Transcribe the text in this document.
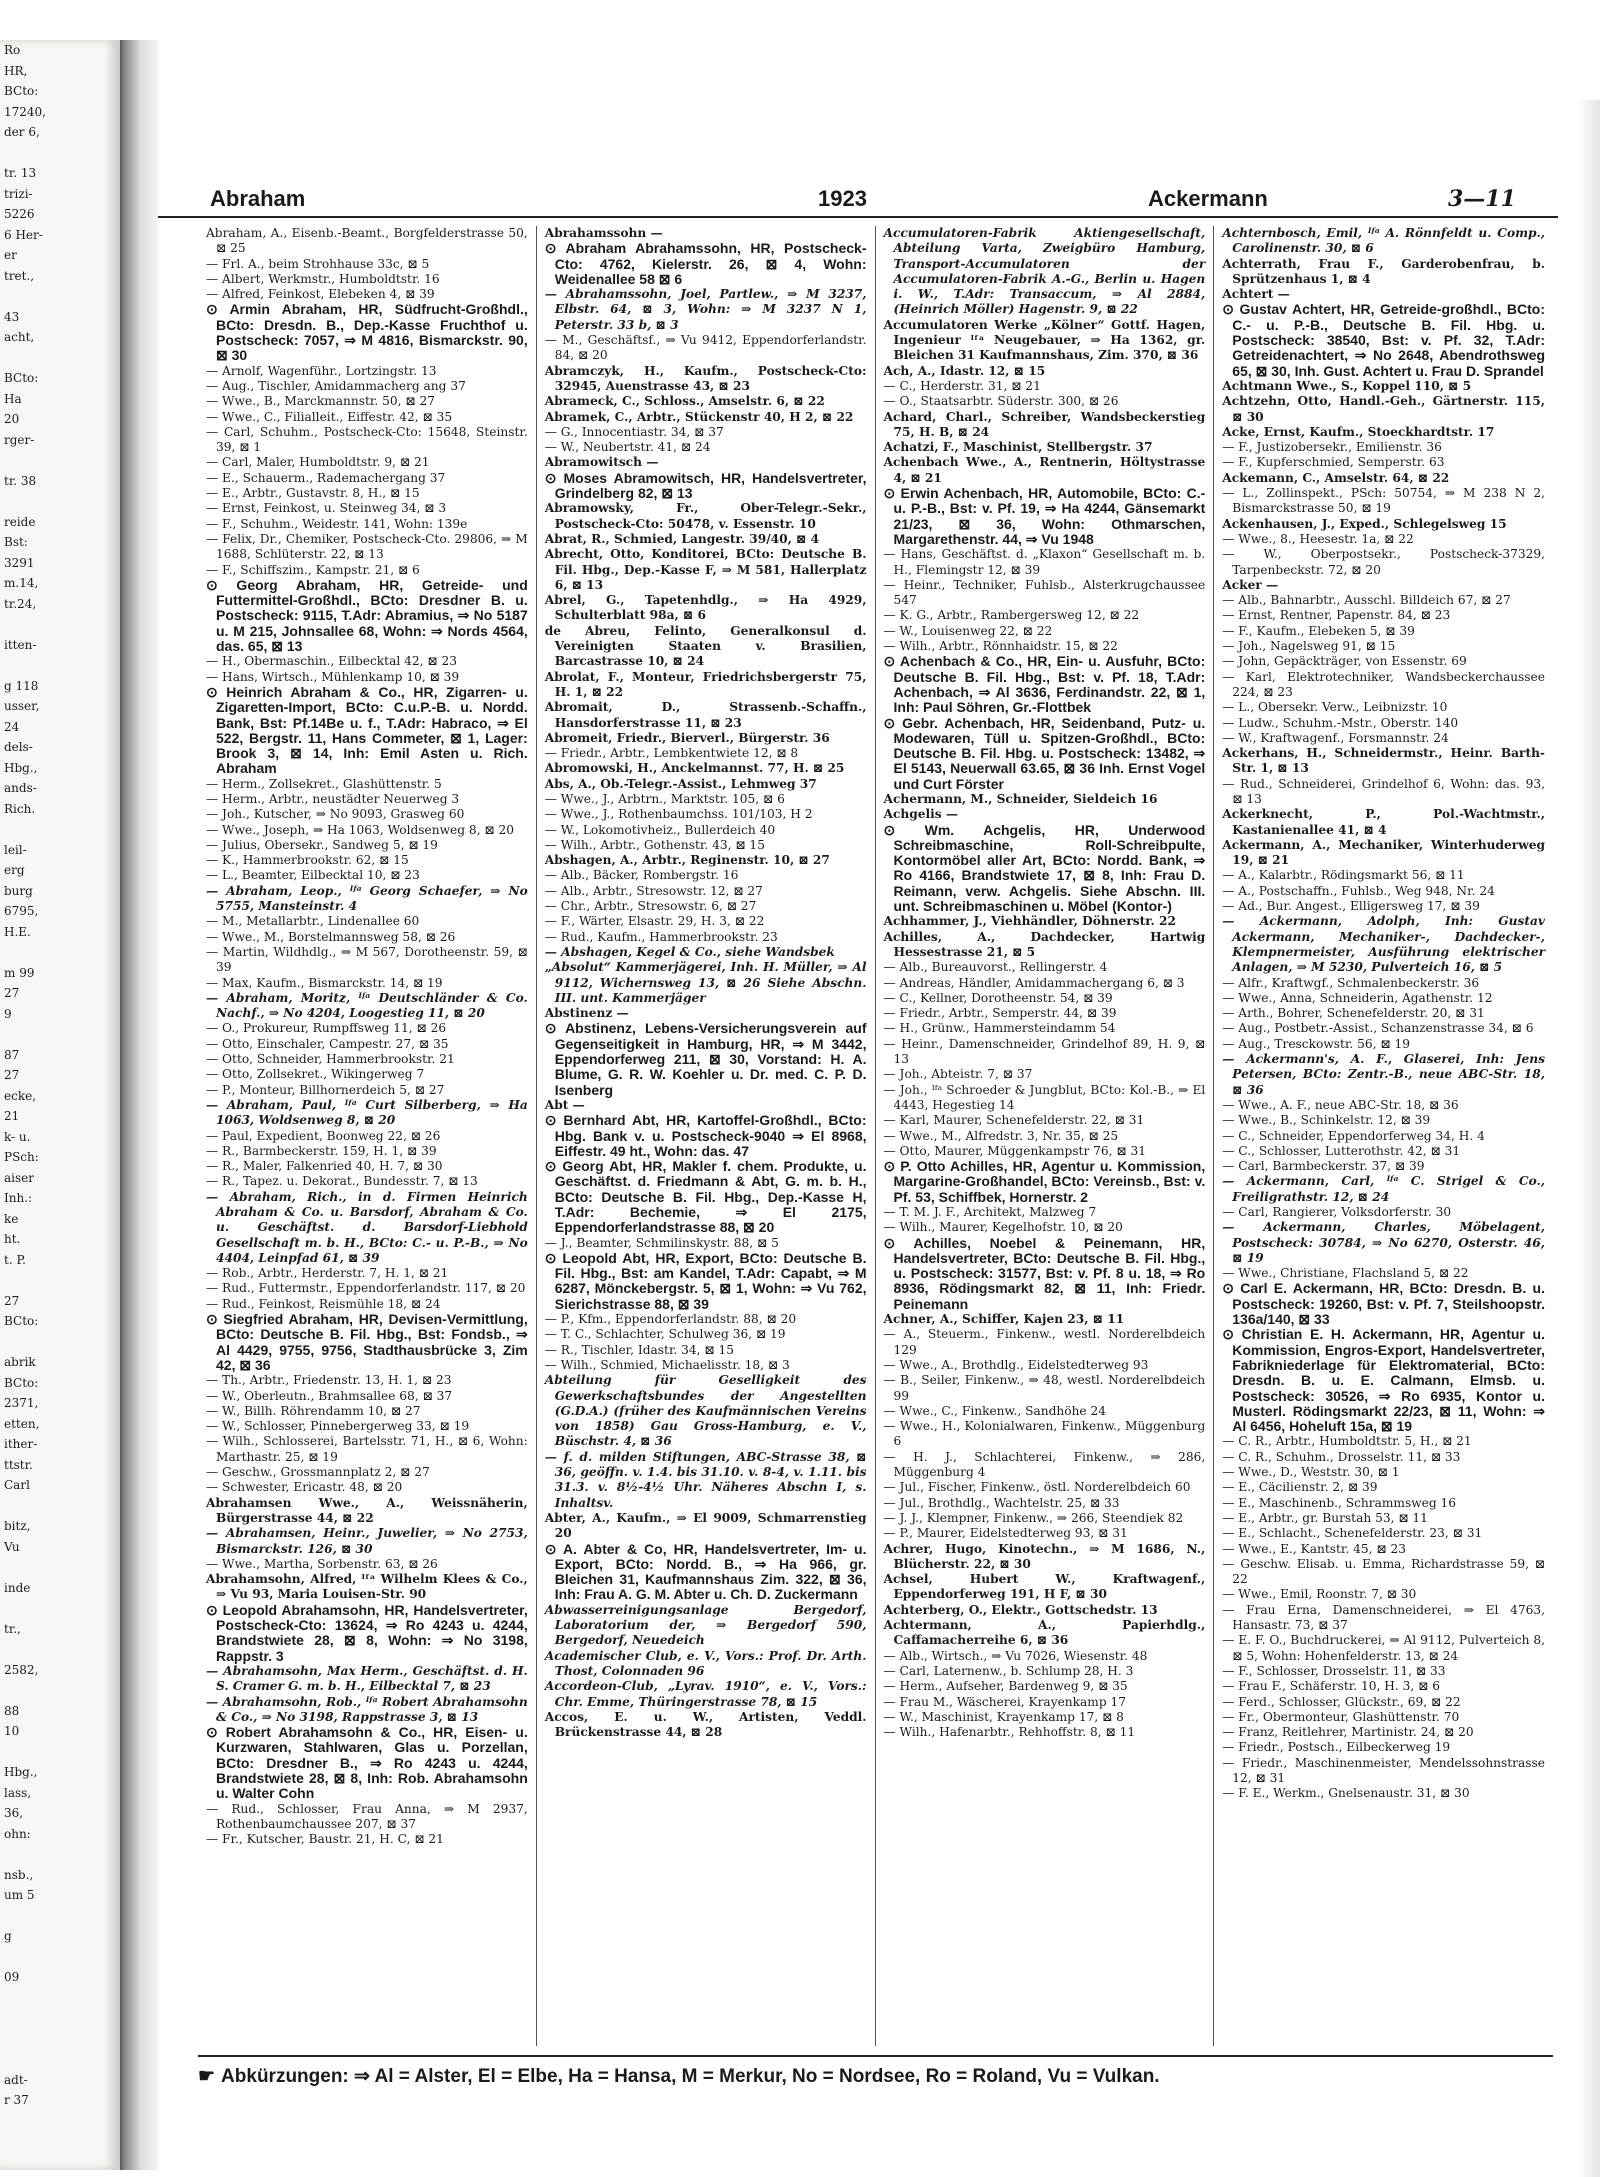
Ro
HR,
BCto:
17240,
der 6,

tr. 13
trizi-
5226
6 Her-
er
tret.,

43
acht,

BCto:
Ha
20
rger-

tr. 38

reide
Bst:
3291
m.14,
tr.24,

itten-

g 118
usser,
24
dels-
Hbg.,
ands-
Rich.

leil-
erg
burg
6795,
H.E.

m 99
27
9

87
27
ecke,
21
k- u.
PSch:
aiser
Inh.:
ke
ht.
t. P.

27
BCto:

abrik
BCto:
2371,
etten,
ither-
ttstr.
Carl

bitz,
Vu

inde

tr.,

2582,

88
10

Hbg.,
lass,
36,
ohn:

nsb.,
um 5

g

09

adt-
r 37
Abraham	1923	Ackermann	3—11
Abraham, A., Eisenb.-Beamt., Borgfelderstrasse 50, ⊠ 25
— Frl. A., beim Strohhause 33c, ⊠ 5
— Albert, Werkmstr., Humboldtstr. 16
— Alfred, Feinkost, Elebeken 4, ⊠ 39
⊙ Armin Abraham, HR, Südfrucht-Großhdl., BCto: Dresdn. B., Dep.-Kasse Fruchthof u. Postscheck: 7057, ⇒ M 4816, Bismarckstr. 90, ⊠ 30
— Arnolf, Wagenführ., Lortzingstr. 13
— Aug., Tischler, Amidammacherg ang 37
— Wwe., B., Marckmannstr. 50, ⊠ 27
— Wwe., C., Filialleit., Eiffestr. 42, ⊠ 35
— Carl, Schuhm., Postscheck-Cto: 15648, Steinstr. 39, ⊠ 1
— Carl, Maler, Humboldtstr. 9, ⊠ 21
— E., Schauerm., Rademachergang 37
— E., Arbtr., Gustavstr. 8, H., ⊠ 15
— Ernst, Feinkost, u. Steinweg 34, ⊠ 3
— F., Schuhm., Weidestr. 141, Wohn: 139e
— Felix, Dr., Chemiker, Postscheck-Cto. 29806, ⇒ M 1688, Schlüterstr. 22, ⊠ 13
— F., Schiffszim., Kampstr. 21, ⊠ 6
⊙ Georg Abraham, HR, Getreide- und Futtermittel-Großhdl., BCto: Dresdner B. u. Postscheck: 9115, T.Adr: Abramius, ⇒ No 5187 u. M 215, Johnsallee 68, Wohn: ⇒ Nords 4564, das. 65, ⊠ 13
— H., Obermaschin., Eilbecktal 42, ⊠ 23
— Hans, Wirtsch., Mühlenkamp 10, ⊠ 39
⊙ Heinrich Abraham & Co., HR, Zigarren- u. Zigaretten-Import, BCto: C.u.P.-B. u. Nordd. Bank, Bst: Pf.14Be u. f., T.Adr: Habraco, ⇒ El 522, Bergstr. 11, Hans Commeter, ⊠ 1, Lager: Brook 3, ⊠ 14, Inh: Emil Asten u. Rich. Abraham
— Herm., Zollsekret., Glashüttenstr. 5
— Herm., Arbtr., neustädter Neuerweg 3
— Joh., Kutscher, ⇒ No 9093, Grasweg 60
— Wwe., Joseph, ⇒ Ha 1063, Woldsenweg 8, ⊠ 20
— Julius, Obersekr., Sandweg 5, ⊠ 19
— K., Hammerbrookstr. 62, ⊠ 15
— L., Beamter, Eilbecktal 10, ⊠ 23
— Abraham, Leop., ᴵᶠᵃ Georg Schaefer, ⇒ No 5755, Mansteinstr. 4
— M., Metallarbtr., Lindenallee 60
— Wwe., M., Borstelmannsweg 58, ⊠ 26
— Martin, Wildhdlg., ⇒ M 567, Dorotheenstr. 59, ⊠ 39
— Max, Kaufm., Bismarckstr. 14, ⊠ 19
— Abraham, Moritz, ᴵᶠᵃ Deutschländer & Co. Nachf., ⇒ No 4204, Loogestieg 11, ⊠ 20
— O., Prokureur, Rumpffsweg 11, ⊠ 26
— Otto, Einschaler, Campestr. 27, ⊠ 35
— Otto, Schneider, Hammerbrookstr. 21
— Otto, Zollsekret., Wikingerweg 7
— P., Monteur, Billhornerdeich 5, ⊠ 27
— Abraham, Paul, ᴵᶠᵃ Curt Silberberg, ⇒ Ha 1063, Woldsenweg 8, ⊠ 20
— Paul, Expedient, Boonweg 22, ⊠ 26
— R., Barmbeckerstr. 159, H. 1, ⊠ 39
— R., Maler, Falkenried 40, H. 7, ⊠ 30
— R., Tapez. u. Dekorat., Bundesstr. 7, ⊠ 13
— Abraham, Rich., in d. Firmen Heinrich Abraham & Co. u. Barsdorf, Abraham & Co. u. Geschäftst. d. Barsdorf-Liebhold Gesellschaft m. b. H., BCto: C.- u. P.-B., ⇒ No 4404, Leinpfad 61, ⊠ 39
— Rob., Arbtr., Herderstr. 7, H. 1, ⊠ 21
— Rud., Futtermstr., Eppendorferlandstr. 117, ⊠ 20
— Rud., Feinkost, Reismühle 18, ⊠ 24
⊙ Siegfried Abraham, HR, Devisen-Vermittlung, BCto: Deutsche B. Fil. Hbg., Bst: Fondsb., ⇒ Al 4429, 9755, 9756, Stadthausbrücke 3, Zim 42, ⊠ 36
— Th., Arbtr., Friedenstr. 13, H. 1, ⊠ 23
— W., Oberleutn., Brahmsallee 68, ⊠ 37
— W., Billh. Röhrendamm 10, ⊠ 27
— W., Schlosser, Pinnebergerweg 33, ⊠ 19
— Wilh., Schlosserei, Bartelsstr. 71, H., ⊠ 6, Wohn: Marthastr. 25, ⊠ 19
— Geschw., Grossmannplatz 2, ⊠ 27
— Schwester, Ericastr. 48, ⊠ 20
Abrahamsen Wwe., A., Weissnäherin, Bürgerstrasse 44, ⊠ 22
— Abrahamsen, Heinr., Juwelier, ⇒ No 2753, Bismarckstr. 126, ⊠ 30
— Wwe., Martha, Sorbenstr. 63, ⊠ 26
Abrahamsohn, Alfred, ᴵᶠᵃ Wilhelm Klees & Co., ⇒ Vu 93, Maria Louisen-Str. 90
⊙ Leopold Abrahamsohn, HR, Handelsvertreter, Postscheck-Cto: 13624, ⇒ Ro 4243 u. 4244, Brandstwiete 28, ⊠ 8, Wohn: ⇒ No 3198, Rappstr. 3
— Abrahamsohn, Max Herm., Geschäftst. d. H. S. Cramer G. m. b. H., Eilbecktal 7, ⊠ 23
— Abrahamsohn, Rob., ᴵᶠᵃ Robert Abrahamsohn & Co., ⇒ No 3198, Rappstrasse 3, ⊠ 13
⊙ Robert Abrahamsohn & Co., HR, Eisen- u. Kurzwaren, Stahlwaren, Glas u. Porzellan, BCto: Dresdner B., ⇒ Ro 4243 u. 4244, Brandstwiete 28, ⊠ 8, Inh: Rob. Abrahamsohn u. Walter Cohn
— Rud., Schlosser, Frau Anna, ⇒ M 2937, Rothenbaumchaussee 207, ⊠ 37
— Fr., Kutscher, Baustr. 21, H. C, ⊠ 21
Abrahamssohn —
⊙ Abraham Abrahamssohn, HR, Postscheck-Cto: 4762, Kielerstr. 26, ⊠ 4, Wohn: Weidenallee 58 ⊠ 6
— Abrahamssohn, Joel, Partlew., ⇒ M 3237, Elbstr. 64, ⊠ 3, Wohn: ⇒ M 3237 N 1, Peterstr. 33 b, ⊠ 3
— M., Geschäftsf., ⇒ Vu 9412, Eppendorferlandstr. 84, ⊠ 20
Abramczyk, H., Kaufm., Postscheck-Cto: 32945, Auenstrasse 43, ⊠ 23
Abrameck, C., Schloss., Amselstr. 6, ⊠ 22
Abramek, C., Arbtr., Stückenstr 40, H 2, ⊠ 22
— G., Innocentiastr. 34, ⊠ 37
— W., Neubertstr. 41, ⊠ 24
Abramowitsch —
⊙ Moses Abramowitsch, HR, Handelsvertreter, Grindelberg 82, ⊠ 13
Abramowsky, Fr., Ober-Telegr.-Sekr., Postscheck-Cto: 50478, v. Essenstr. 10
Abrat, R., Schmied, Langestr. 39/40, ⊠ 4
Abrecht, Otto, Konditorei, BCto: Deutsche B. Fil. Hbg., Dep.-Kasse F, ⇒ M 581, Hallerplatz 6, ⊠ 13
Abrel, G., Tapetenhdlg., ⇒ Ha 4929, Schulterblatt 98a, ⊠ 6
de Abreu, Felinto, Generalkonsul d. Vereinigten Staaten v. Brasilien, Barcastrasse 10, ⊠ 24
Abrolat, F., Monteur, Friedrichsbergerstr 75, H. 1, ⊠ 22
Abromait, D., Strassenb.-Schaffn., Hansdorferstrasse 11, ⊠ 23
Abromeit, Friedr., Bierverl., Bürgerstr. 36
— Friedr., Arbtr., Lembkentwiete 12, ⊠ 8
Abromowski, H., Anckelmannst. 77, H. ⊠ 25
Abs, A., Ob.-Telegr.-Assist., Lehmweg 37
— Wwe., J., Arbtrn., Marktstr. 105, ⊠ 6
— Wwe., J., Rothenbaumchss. 101/103, H 2
— W., Lokomotivheiz., Bullerdeich 40
— Wilh., Arbtr., Gothenstr. 43, ⊠ 15
Abshagen, A., Arbtr., Reginenstr. 10, ⊠ 27
— Alb., Bäcker, Rombergstr. 16
— Alb., Arbtr., Stresowstr. 12, ⊠ 27
— Chr., Arbtr., Stresowstr. 6, ⊠ 27
— F., Wärter, Elsastr. 29, H. 3, ⊠ 22
— Rud., Kaufm., Hammerbrookstr. 23
— Abshagen, Kegel & Co., siehe Wandsbek
„Absolut“ Kammerjägerei, Inh. H. Müller, ⇒ Al 9112, Wichernsweg 13, ⊠ 26 Siehe Abschn. III. unt. Kammerjäger
Abstinenz —
⊙ Abstinenz, Lebens-Versicherungsverein auf Gegenseitigkeit in Hamburg, HR, ⇒ M 3442, Eppendorferweg 211, ⊠ 30, Vorstand: H. A. Blume, G. R. W. Koehler u. Dr. med. C. P. D. Isenberg
Abt —
⊙ Bernhard Abt, HR, Kartoffel-Großhdl., BCto: Hbg. Bank v. u. Postscheck-9040 ⇒ El 8968, Eiffestr. 49 ht., Wohn: das. 47
⊙ Georg Abt, HR, Makler f. chem. Produkte, u. Geschäftst. d. Friedmann & Abt, G. m. b. H., BCto: Deutsche B. Fil. Hbg., Dep.-Kasse H, T.Adr: Bechemie, ⇒ El 2175, Eppendorferlandstrasse 88, ⊠ 20
— J., Beamter, Schmilinskystr. 88, ⊠ 5
⊙ Leopold Abt, HR, Export, BCto: Deutsche B. Fil. Hbg., Bst: am Kandel, T.Adr: Capabt, ⇒ M 6287, Mönckebergstr. 5, ⊠ 1, Wohn: ⇒ Vu 762, Sierichstrasse 88, ⊠ 39
— P., Kfm., Eppendorferlandstr. 88, ⊠ 20
— T. C., Schlachter, Schulweg 36, ⊠ 19
— R., Tischler, Idastr. 34, ⊠ 15
— Wilh., Schmied, Michaelisstr. 18, ⊠ 3
Abteilung für Geselligkeit des Gewerkschaftsbundes der Angestellten (G.D.A.) (früher des Kaufmännischen Vereins von 1858) Gau Gross-Hamburg, e. V., Büschstr. 4, ⊠ 36
— f. d. milden Stiftungen, ABC-Strasse 38, ⊠ 36, geöffn. v. 1.4. bis 31.10. v. 8-4, v. 1.11. bis 31.3. v. 8½-4½ Uhr. Näheres Abschn I, s. Inhaltsv.
Abter, A., Kaufm., ⇒ El 9009, Schmarrenstieg 20
⊙ A. Abter & Co, HR, Handelsvertreter, Im- u. Export, BCto: Nordd. B., ⇒ Ha 966, gr. Bleichen 31, Kaufmannshaus Zim. 322, ⊠ 36, Inh: Frau A. G. M. Abter u. Ch. D. Zuckermann
Abwasserreinigungsanlage Bergedorf, Laboratorium der, ⇒ Bergedorf 590, Bergedorf, Neuedeich
Academischer Club, e. V., Vors.: Prof. Dr. Arth. Thost, Colonnaden 96
Accordeon-Club, „Lyrav. 1910“, e. V., Vors.: Chr. Emme, Thüringerstrasse 78, ⊠ 15
Accos, E. u. W., Artisten, Veddl. Brückenstrasse 44, ⊠ 28
Accumulatoren-Fabrik Aktiengesellschaft, Abteilung Varta, Zweigbüro Hamburg, Transport-Accumulatoren der Accumulatoren-Fabrik A.-G., Berlin u. Hagen i. W., T.Adr: Transaccum, ⇒ Al 2884, (Heinrich Möller) Hagenstr. 9, ⊠ 22
Accumulatoren Werke „Kölner“ Gottf. Hagen, Ingenieur ᴵᶠᵃ Neugebauer, ⇒ Ha 1362, gr. Bleichen 31 Kaufmannshaus, Zim. 370, ⊠ 36
Ach, A., Idastr. 12, ⊠ 15
— C., Herderstr. 31, ⊠ 21
— O., Staatsarbtr. Süderstr. 300, ⊠ 26
Achard, Charl., Schreiber, Wandsbeckerstieg 75, H. B, ⊠ 24
Achatzi, F., Maschinist, Stellbergstr. 37
Achenbach Wwe., A., Rentnerin, Höltystrasse 4, ⊠ 21
⊙ Erwin Achenbach, HR, Automobile, BCto: C.-u. P.-B., Bst: v. Pf. 19, ⇒ Ha 4244, Gänsemarkt 21/23, ⊠ 36, Wohn: Othmarschen, Margarethenstr. 44, ⇒ Vu 1948
— Hans, Geschäftst. d. „Klaxon“ Gesellschaft m. b. H., Flemingstr 12, ⊠ 39
— Heinr., Techniker, Fuhlsb., Alsterkrugchaussee 547
— K. G., Arbtr., Rambergersweg 12, ⊠ 22
— W., Louisenweg 22, ⊠ 22
— Wilh., Arbtr., Rönnhaidstr. 15, ⊠ 22
⊙ Achenbach & Co., HR, Ein- u. Ausfuhr, BCto: Deutsche B. Fil. Hbg., Bst: v. Pf. 18, T.Adr: Achenbach, ⇒ Al 3636, Ferdinandstr. 22, ⊠ 1, Inh: Paul Söhren, Gr.-Flottbek
⊙ Gebr. Achenbach, HR, Seidenband, Putz- u. Modewaren, Tüll u. Spitzen-Großhdl., BCto: Deutsche B. Fil. Hbg. u. Postscheck: 13482, ⇒ El 5143, Neuerwall 63.65, ⊠ 36 Inh. Ernst Vogel und Curt Förster
Achermann, M., Schneider, Sieldeich 16
Achgelis —
⊙ Wm. Achgelis, HR, Underwood Schreibmaschine, Roll-Schreibpulte, Kontormöbel aller Art, BCto: Nordd. Bank, ⇒ Ro 4166, Brandstwiete 17, ⊠ 8, Inh: Frau D. Reimann, verw. Achgelis. Siehe Abschn. III. unt. Schreibmaschinen u. Möbel (Kontor-)
Achhammer, J., Viehhändler, Döhnerstr. 22
Achilles, A., Dachdecker, Hartwig Hessestrasse 21, ⊠ 5
— Alb., Bureauvorst., Rellingerstr. 4
— Andreas, Händler, Amidammachergang 6, ⊠ 3
— C., Kellner, Dorotheenstr. 54, ⊠ 39
— Friedr., Arbtr., Semperstr. 44, ⊠ 39
— H., Grünw., Hammersteindamm 54
— Heinr., Damenschneider, Grindelhof 89, H. 9, ⊠ 13
— Joh., Abteistr. 7, ⊠ 37
— Joh., ᴵᶠᵃ Schroeder & Jungblut, BCto: Kol.-B., ⇒ El 4443, Hegestieg 14
— Karl, Maurer, Schenefelderstr. 22, ⊠ 31
— Wwe., M., Alfredstr. 3, Nr. 35, ⊠ 25
— Otto, Maurer, Müggenkampstr 76, ⊠ 31
⊙ P. Otto Achilles, HR, Agentur u. Kommission, Margarine-Großhandel, BCto: Vereinsb., Bst: v. Pf. 53, Schiffbek, Hornerstr. 2
— T. M. J. F., Architekt, Malzweg 7
— Wilh., Maurer, Kegelhofstr. 10, ⊠ 20
⊙ Achilles, Noebel & Peinemann, HR, Handelsvertreter, BCto: Deutsche B. Fil. Hbg., u. Postscheck: 31577, Bst: v. Pf. 8 u. 18, ⇒ Ro 8936, Rödingsmarkt 82, ⊠ 11, Inh: Friedr. Peinemann
Achner, A., Schiffer, Kajen 23, ⊠ 11
— A., Steuerm., Finkenw., westl. Norderelbdeich 129
— Wwe., A., Brothdlg., Eidelstedterweg 93
— B., Seiler, Finkenw., ⇒ 48, westl. Norderelbdeich 99
— Wwe., C., Finkenw., Sandhöhe 24
— Wwe., H., Kolonialwaren, Finkenw., Müggenburg 6
— H. J., Schlachterei, Finkenw., ⇒ 286, Müggenburg 4
— Jul., Fischer, Finkenw., östl. Norderelbdeich 60
— Jul., Brothdlg., Wachtelstr. 25, ⊠ 33
— J. J., Klempner, Finkenw., ⇒ 266, Steendiek 82
— P., Maurer, Eidelstedterweg 93, ⊠ 31
Achrer, Hugo, Kinotechn., ⇒ M 1686, N., Blücherstr. 22, ⊠ 30
Achsel, Hubert W., Kraftwagenf., Eppendorferweg 191, H F, ⊠ 30
Achterberg, O., Elektr., Gottschedstr. 13
Achtermann, A., Papierhdlg., Caffamacherreihe 6, ⊠ 36
— Alb., Wirtsch., ⇒ Vu 7026, Wiesenstr. 48
— Carl, Laternenw., b. Schlump 28, H. 3
— Herm., Aufseher, Bardenweg 9, ⊠ 35
— Frau M., Wäscherei, Krayenkamp 17
— W., Maschinist, Krayenkamp 17, ⊠ 8
— Wilh., Hafenarbtr., Rehhoffstr. 8, ⊠ 11
Achternbosch, Emil, ᴵᶠᵃ A. Rönnfeldt u. Comp., Carolinenstr. 30, ⊠ 6
Achterrath, Frau F., Garderobenfrau, b. Sprützenhaus 1, ⊠ 4
Achtert —
⊙ Gustav Achtert, HR, Getreide-großhdl., BCto: C.- u. P.-B., Deutsche B. Fil. Hbg. u. Postscheck: 38540, Bst: v. Pf. 32, T.Adr: Getreidenachtert, ⇒ No 2648, Abendrothsweg 65, ⊠ 30, Inh. Gust. Achtert u. Frau D. Sprandel
Achtmann Wwe., S., Koppel 110, ⊠ 5
Achtzehn, Otto, Handl.-Geh., Gärtnerstr. 115, ⊠ 30
Acke, Ernst, Kaufm., Stoeckhardtstr. 17
— F., Justizobersekr., Emilienstr. 36
— F., Kupferschmied, Semperstr. 63
Ackemann, C., Amselstr. 64, ⊠ 22
— L., Zollinspekt., PSch: 50754, ⇒ M 238 N 2, Bismarckstrasse 50, ⊠ 19
Ackenhausen, J., Exped., Schlegelsweg 15
— Wwe., 8., Heesestr. 1a, ⊠ 22
— W., Oberpostsekr., Postscheck-37329, Tarpenbeckstr. 72, ⊠ 20
Acker —
— Alb., Bahnarbtr., Ausschl. Billdeich 67, ⊠ 27
— Ernst, Rentner, Papenstr. 84, ⊠ 23
— F., Kaufm., Elebeken 5, ⊠ 39
— Joh., Nagelsweg 91, ⊠ 15
— John, Gepäckträger, von Essenstr. 69
— Karl, Elektrotechniker, Wandsbeckerchaussee 224, ⊠ 23
— L., Obersekr. Verw., Leibnizstr. 10
— Ludw., Schuhm.-Mstr., Oberstr. 140
— W., Kraftwagenf., Forsmannstr. 24
Ackerhans, H., Schneidermstr., Heinr. Barth-Str. 1, ⊠ 13
— Rud., Schneiderei, Grindelhof 6, Wohn: das. 93, ⊠ 13
Ackerknecht, P., Pol.-Wachtmstr., Kastanienallee 41, ⊠ 4
Ackermann, A., Mechaniker, Winterhuderweg 19, ⊠ 21
— A., Kalarbtr., Rödingsmarkt 56, ⊠ 11
— A., Postschaffn., Fuhlsb., Weg 948, Nr. 24
— Ad., Bur. Angest., Elligersweg 17, ⊠ 39
— Ackermann, Adolph, Inh: Gustav Ackermann, Mechaniker-, Dachdecker-, Klempnermeister, Ausführung elektrischer Anlagen, ⇒ M 5230, Pulverteich 16, ⊠ 5
— Alfr., Kraftwgf., Schmalenbeckerstr. 36
— Wwe., Anna, Schneiderin, Agathenstr. 12
— Arth., Bohrer, Schenefelderstr. 20, ⊠ 31
— Aug., Postbetr.-Assist., Schanzenstrasse 34, ⊠ 6
— Aug., Tresckowstr. 56, ⊠ 19
— Ackermann's, A. F., Glaserei, Inh: Jens Petersen, BCto: Zentr.-B., neue ABC-Str. 18, ⊠ 36
— Wwe., A. F., neue ABC-Str. 18, ⊠ 36
— Wwe., B., Schinkelstr. 12, ⊠ 39
— C., Schneider, Eppendorferweg 34, H. 4
— C., Schlosser, Lutterothstr. 42, ⊠ 31
— Carl, Barmbeckerstr. 37, ⊠ 39
— Ackermann, Carl, ᴵᶠᵃ C. Strigel & Co., Freiligrathstr. 12, ⊠ 24
— Carl, Rangierer, Volksdorferstr. 30
— Ackermann, Charles, Möbelagent, Postscheck: 30784, ⇒ No 6270, Osterstr. 46, ⊠ 19
— Wwe., Christiane, Flachsland 5, ⊠ 22
⊙ Carl E. Ackermann, HR, BCto: Dresdn. B. u. Postscheck: 19260, Bst: v. Pf. 7, Steilshoopstr. 136a/140, ⊠ 33
⊙ Christian E. H. Ackermann, HR, Agentur u. Kommission, Engros-Export, Handelsvertreter, Fabrikniederlage für Elektromaterial, BCto: Dresdn. B. u. E. Calmann, Elmsb. u. Postscheck: 30526, ⇒ Ro 6935, Kontor u. Musterl. Rödingsmarkt 22/23, ⊠ 11, Wohn: ⇒ Al 6456, Hoheluft 15a, ⊠ 19
— C. R., Arbtr., Humboldtstr. 5, H., ⊠ 21
— C. R., Schuhm., Drosselstr. 11, ⊠ 33
— Wwe., D., Weststr. 30, ⊠ 1
— E., Cäcilienstr. 2, ⊠ 39
— E., Maschinenb., Schrammsweg 16
— E., Arbtr., gr. Burstah 53, ⊠ 11
— E., Schlacht., Schenefelderstr. 23, ⊠ 31
— Wwe., E., Kantstr. 45, ⊠ 23
— Geschw. Elisab. u. Emma, Richardstrasse 59, ⊠ 22
— Wwe., Emil, Roonstr. 7, ⊠ 30
— Frau Erna, Damenschneiderei, ⇒ El 4763, Hansastr. 73, ⊠ 37
— E. F. O., Buchdruckerei, ⇒ Al 9112, Pulverteich 8, ⊠ 5, Wohn: Hohenfelderstr. 13, ⊠ 24
— F., Schlosser, Drosselstr. 11, ⊠ 33
— Frau F., Schäferstr. 10, H. 3, ⊠ 6
— Ferd., Schlosser, Glückstr., 69, ⊠ 22
— Fr., Obermonteur, Glashüttenstr. 70
— Franz, Reitlehrer, Martinistr. 24, ⊠ 20
— Friedr., Postsch., Eilbeckerweg 19
— Friedr., Maschinenmeister, Mendelssohnstrasse 12, ⊠ 31
— F. E., Werkm., Gnelsenaustr. 31, ⊠ 30
☛ Abkürzungen: ⇒ Al = Alster, El = Elbe, Ha = Hansa, M = Merkur, No = Nordsee, Ro = Roland, Vu = Vulkan.
